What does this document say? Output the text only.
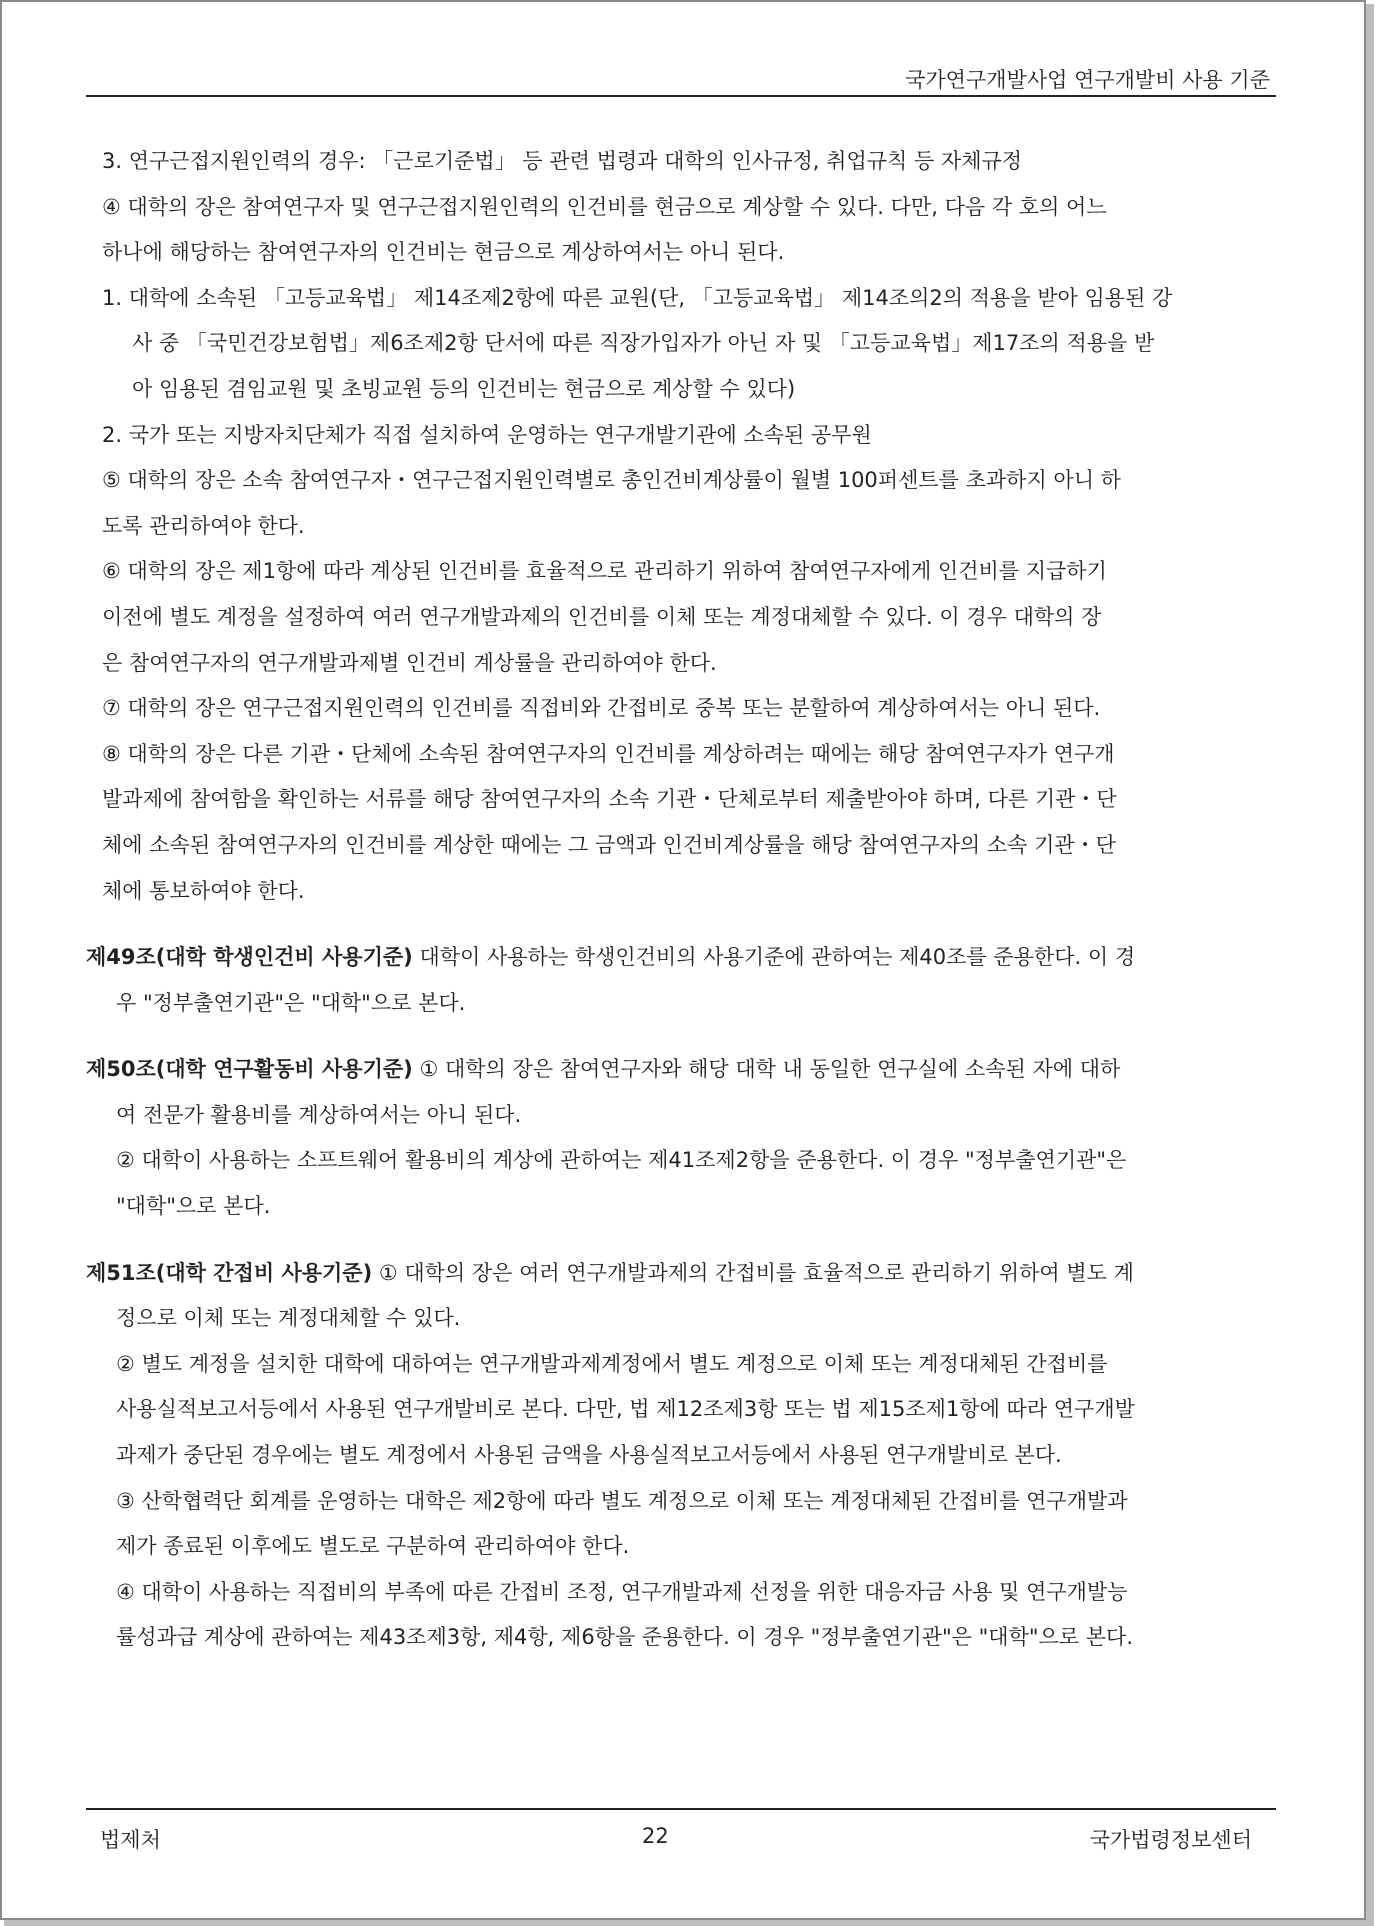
국가연구개발사업 연구개발비 사용 기준

3. 연구근접지원인력의 경우: 「근로기준법」 등 관련 법령과 대학의 인사규정, 취업규칙 등 자체규정

④ 대학의 장은 참여연구자 및 연구근접지원인력의 인건비를 현금으로 계상할 수 있다. 다만, 다음 각 호의 어느

하나에 해당하는 참여연구자의 인건비는 현금으로 계상하여서는 아니 된다.

1. 대학에 소속된 「고등교육법」 제14조제2항에 따른 교원(단, 「고등교육법」 제14조의2의 적용을 받아 임용된 강

사 중 「국민건강보험법」제6조제2항 단서에 따른 직장가입자가 아닌 자 및 「고등교육법」제17조의 적용을 받

아 임용된 겸임교원 및 초빙교원 등의 인건비는 현금으로 계상할 수 있다)

2. 국가 또는 지방자치단체가 직접 설치하여 운영하는 연구개발기관에 소속된 공무원

⑤ 대학의 장은 소속 참여연구자・연구근접지원인력별로 총인건비계상률이 월별 100퍼센트를 초과하지 아니 하

도록 관리하여야 한다.

⑥ 대학의 장은 제1항에 따라 계상된 인건비를 효율적으로 관리하기 위하여 참여연구자에게 인건비를 지급하기

이전에 별도 계정을 설정하여 여러 연구개발과제의 인건비를 이체 또는 계정대체할 수 있다. 이 경우 대학의 장

은 참여연구자의 연구개발과제별 인건비 계상률을 관리하여야 한다.

⑦ 대학의 장은 연구근접지원인력의 인건비를 직접비와 간접비로 중복 또는 분할하여 계상하여서는 아니 된다.

⑧ 대학의 장은 다른 기관・단체에 소속된 참여연구자의 인건비를 계상하려는 때에는 해당 참여연구자가 연구개

발과제에 참여함을 확인하는 서류를 해당 참여연구자의 소속 기관・단체로부터 제출받아야 하며, 다른 기관・단

체에 소속된 참여연구자의 인건비를 계상한 때에는 그 금액과 인건비계상률을 해당 참여연구자의 소속 기관・단

체에 통보하여야 한다.

제49조(대학 학생인건비 사용기준) 대학이 사용하는 학생인건비의 사용기준에 관하여는 제40조를 준용한다. 이 경

우 "정부출연기관"은 "대학"으로 본다.

제50조(대학 연구활동비 사용기준) ① 대학의 장은 참여연구자와 해당 대학 내 동일한 연구실에 소속된 자에 대하

여 전문가 활용비를 계상하여서는 아니 된다.

② 대학이 사용하는 소프트웨어 활용비의 계상에 관하여는 제41조제2항을 준용한다. 이 경우 "정부출연기관"은

"대학"으로 본다.

제51조(대학 간접비 사용기준) ① 대학의 장은 여러 연구개발과제의 간접비를 효율적으로 관리하기 위하여 별도 계

정으로 이체 또는 계정대체할 수 있다.

② 별도 계정을 설치한 대학에 대하여는 연구개발과제계정에서 별도 계정으로 이체 또는 계정대체된 간접비를

사용실적보고서등에서 사용된 연구개발비로 본다. 다만, 법 제12조제3항 또는 법 제15조제1항에 따라 연구개발

과제가 중단된 경우에는 별도 계정에서 사용된 금액을 사용실적보고서등에서 사용된 연구개발비로 본다.

③ 산학협력단 회계를 운영하는 대학은 제2항에 따라 별도 계정으로 이체 또는 계정대체된 간접비를 연구개발과

제가 종료된 이후에도 별도로 구분하여 관리하여야 한다.

④ 대학이 사용하는 직접비의 부족에 따른 간접비 조정, 연구개발과제 선정을 위한 대응자금 사용 및 연구개발능

률성과급 계상에 관하여는 제43조제3항, 제4항, 제6항을 준용한다. 이 경우 "정부출연기관"은 "대학"으로 본다.

법제처	22	국가법령정보센터
